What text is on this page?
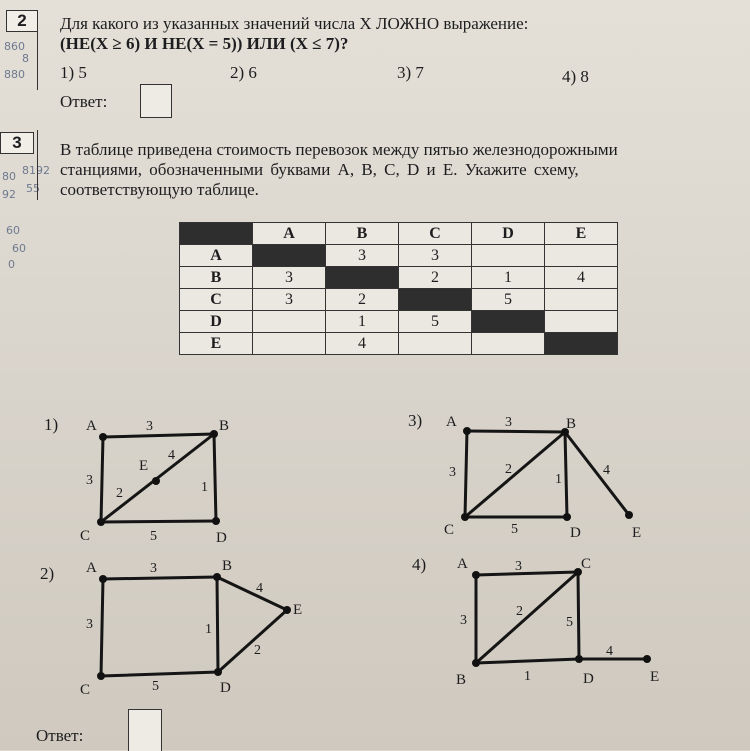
860
8
880
80 8192
92 55
60
60
0
2	Для какого из указанных значений числа X ЛОЖНО выражение:
(НЕ(X ≥ 6) И НЕ(X = 5)) ИЛИ (X ≤ 7)?
1) 5	2) 6	3) 7	4) 8
Ответ:
3	В таблице приведена стоимость перевозок между пятью железнодорожными
станциями, обозначенными буквами A, B, C, D и E. Укажите схему,
соответствующую таблице.
	A	B	C	D	E
A		3	3		
B	3		2	1	4
C	3	2		5	
D		1	5		
E		4			
1)
2)
3)
4)
A	B
C	D
E
3
3	1
5
4
2
A	B
C	D
E
3
3	1
5
4
2
A	B
C	D	E
3
3	2
1
5
4
A	C
B	D	E
3
3
2
5
1
4
Ответ:
